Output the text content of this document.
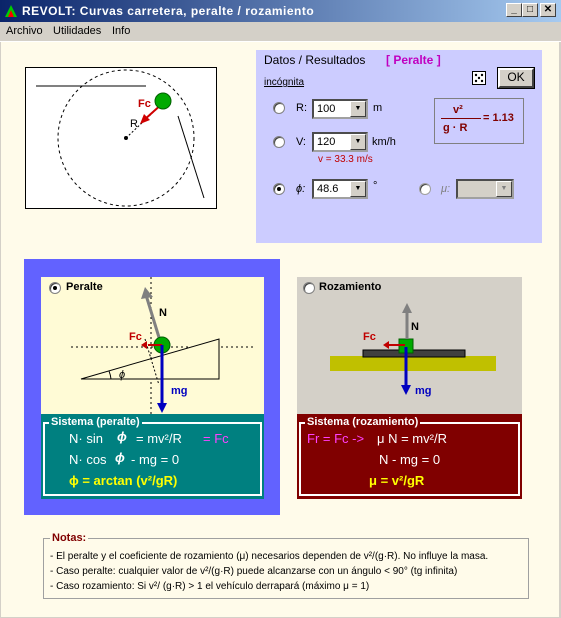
REVOLT: Curvas carretera, peralte / rozamiento	_	□	✕
Archivo Utilidades Info
Fc
R
Datos / Resultados [ Peralte ]
incógnita	OK
R: 100	▼	m
V: 120	▼ km/h
v = 33.3 m/s
ϕ: 48.6	▼	°	μ:	▼
v²
g · R
= 1.13
Peralte
N
Fc
mg
ϕ
Sistema (peralte)
N· sin ϕ = mv²/R = Fc
N· cos ϕ - mg = 0
ϕ = arctan (v²/gR)
Rozamiento
N
Fc
mg
Sistema (rozamiento)
Fr = Fc -> μ N = mv²/R
N - mg = 0
μ = v²/gR
Notas:
- El peralte y el coeficiente de rozamiento (μ) necesarios dependen de v²/(g·R). No influye la masa.
- Caso peralte: cualquier valor de v²/(g·R) puede alcanzarse con un ángulo < 90° (tg infinita)
- Caso rozamiento: Si v²/ (g·R) > 1 el vehículo derrapará (máximo μ = 1)
